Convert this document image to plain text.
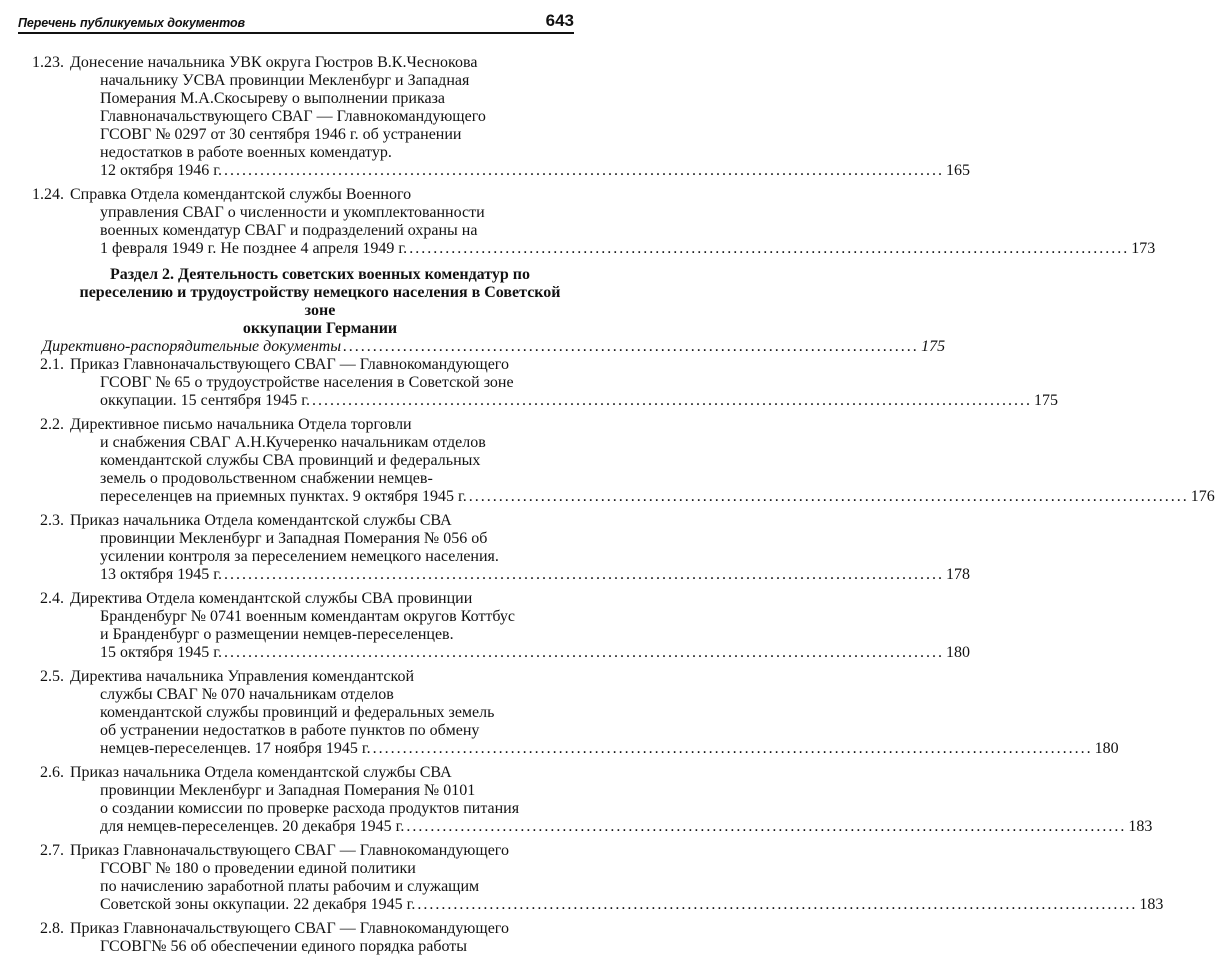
Перечень публикуемых документов	643
1.23. Донесение начальника УВК округа Гюстров В.К.Чеснокова
начальнику УСВА провинции Мекленбург и Западная
Померания М.А.Скосыреву о выполнении приказа
Главноначальствующего СВАГ — Главнокомандующего
ГСОВГ № 0297 от 30 сентября 1946 г. об устранении
недостатков в работе военных комендатур.
12 октября 1946 г. ........................................................................................................................ 165
1.24. Справка Отдела комендантской службы Военного
управления СВАГ о численности и укомплектованности
военных комендатур СВАГ и подразделений охраны на
1 февраля 1949 г. Не позднее 4 апреля 1949 г. ........................................................................................................................ 173
Раздел 2. Деятельность советских военных комендатур по
переселению и трудоустройству немецкого населения в Советской зоне
оккупации Германии
Директивно-распорядительные документы ................................................................................................ 175
2.1. Приказ Главноначальствующего СВАГ — Главнокомандующего
ГСОВГ № 65 о трудоустройстве населения в Советской зоне
оккупации. 15 сентября 1945 г. ........................................................................................................................ 175
2.2. Директивное письмо начальника Отдела торговли
и снабжения СВАГ А.Н.Кучеренко начальникам отделов
комендантской службы СВА провинций и федеральных
земель о продовольственном снабжении немцев-
переселенцев на приемных пунктах. 9 октября 1945 г. ........................................................................................................................ 176
2.3. Приказ начальника Отдела комендантской службы СВА
провинции Мекленбург и Западная Померания № 056 об
усилении контроля за переселением немецкого населения.
13 октября 1945 г. ........................................................................................................................ 178
2.4. Директива Отдела комендантской службы СВА провинции
Бранденбург № 0741 военным комендантам округов Коттбус
и Бранденбург о размещении немцев-переселенцев.
15 октября 1945 г. ........................................................................................................................ 180
2.5. Директива начальника Управления комендантской
службы СВАГ № 070 начальникам отделов
комендантской службы провинций и федеральных земель
об устранении недостатков в работе пунктов по обмену
немцев-переселенцев. 17 ноября 1945 г. ........................................................................................................................ 180
2.6. Приказ начальника Отдела комендантской службы СВА
провинции Мекленбург и Западная Померания № 0101
о создании комиссии по проверке расхода продуктов питания
для немцев-переселенцев. 20 декабря 1945 г. ........................................................................................................................ 183
2.7. Приказ Главноначальствующего СВАГ — Главнокомандующего
ГСОВГ № 180 о проведении единой политики
по начислению заработной платы рабочим и служащим
Советской зоны оккупации. 22 декабря 1945 г. ........................................................................................................................ 183
2.8. Приказ Главноначальствующего СВАГ — Главнокомандующего
ГСОВГ№ 56 об обеспечении единого порядка работы
